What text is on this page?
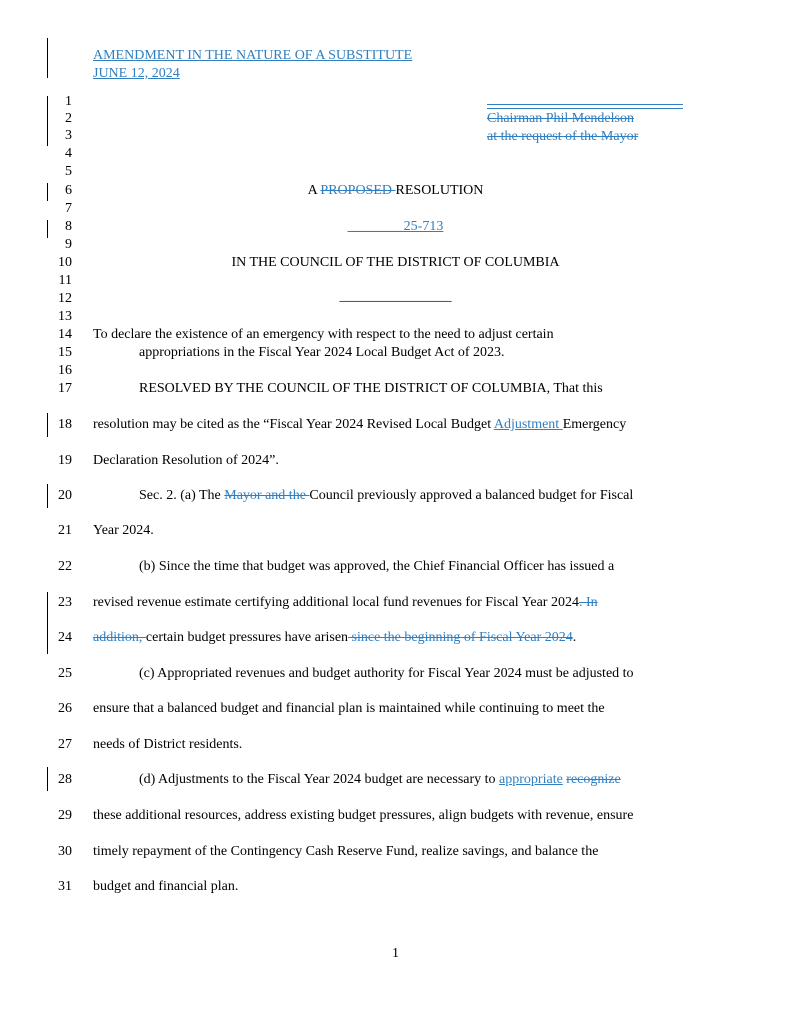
AMENDMENT IN THE NATURE OF A SUBSTITUTE
JUNE 12, 2024
1
2
3
4
5
6
7
8
9
10
11
12
13
14
15
16
17
18
19
20
21
22
23
24
25
26
27
28
29
30
31
Chairman Phil Mendelson
at the request of the Mayor
A PROPOSED RESOLUTION
________25-713
IN THE COUNCIL OF THE DISTRICT OF COLUMBIA
________________
To declare the existence of an emergency with respect to the need to adjust certain
appropriations in the Fiscal Year 2024 Local Budget Act of 2023.
RESOLVED BY THE COUNCIL OF THE DISTRICT OF COLUMBIA, That this
resolution may be cited as the “Fiscal Year 2024 Revised Local Budget Adjustment Emergency
Declaration Resolution of 2024”.
Sec. 2. (a) The Mayor and the Council previously approved a balanced budget for Fiscal
Year 2024.
(b) Since the time that budget was approved, the Chief Financial Officer has issued a
revised revenue estimate certifying additional local fund revenues for Fiscal Year 2024. In
addition, certain budget pressures have arisen since the beginning of Fiscal Year 2024.
(c) Appropriated revenues and budget authority for Fiscal Year 2024 must be adjusted to
ensure that a balanced budget and financial plan is maintained while continuing to meet the
needs of District residents.
(d) Adjustments to the Fiscal Year 2024 budget are necessary to appropriate recognize
these additional resources, address existing budget pressures, align budgets with revenue, ensure
timely repayment of the Contingency Cash Reserve Fund, realize savings, and balance the
budget and financial plan.
1
